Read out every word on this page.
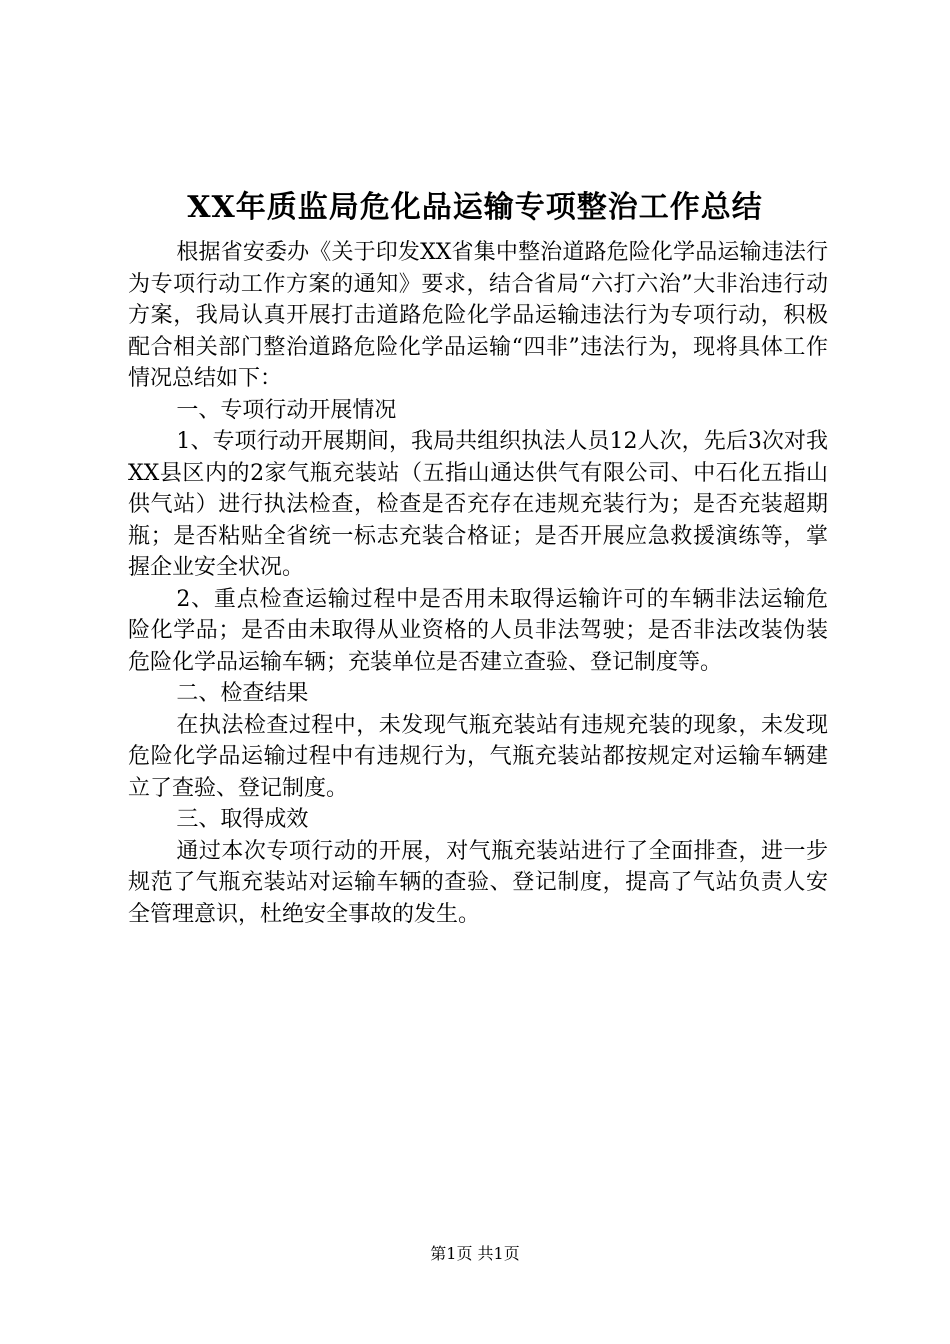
XX年质监局危化品运输专项整治工作总结

根据省安委办《关于印发XX省集中整治道路危险化学品运输违法行为专项行动工作方案的通知》要求，结合省局“六打六治”大非治违行动方案，我局认真开展打击道路危险化学品运输违法行为专项行动，积极配合相关部门整治道路危险化学品运输“四非”违法行为，现将具体工作情况总结如下：

一、专项行动开展情况

1、专项行动开展期间，我局共组织执法人员12人次，先后3次对我XX县区内的2家气瓶充装站（五指山通达供气有限公司、中石化五指山供气站）进行执法检查，检查是否充存在违规充装行为；是否充装超期瓶；是否粘贴全省统一标志充装合格证；是否开展应急救援演练等，掌握企业安全状况。

2、重点检查运输过程中是否用未取得运输许可的车辆非法运输危险化学品；是否由未取得从业资格的人员非法驾驶；是否非法改装伪装危险化学品运输车辆；充装单位是否建立查验、登记制度等。

二、检查结果

在执法检查过程中，未发现气瓶充装站有违规充装的现象，未发现危险化学品运输过程中有违规行为，气瓶充装站都按规定对运输车辆建立了查验、登记制度。

三、取得成效

通过本次专项行动的开展，对气瓶充装站进行了全面排查，进一步规范了气瓶充装站对运输车辆的查验、登记制度，提高了气站负责人安全管理意识，杜绝安全事故的发生。

第1页 共1页
